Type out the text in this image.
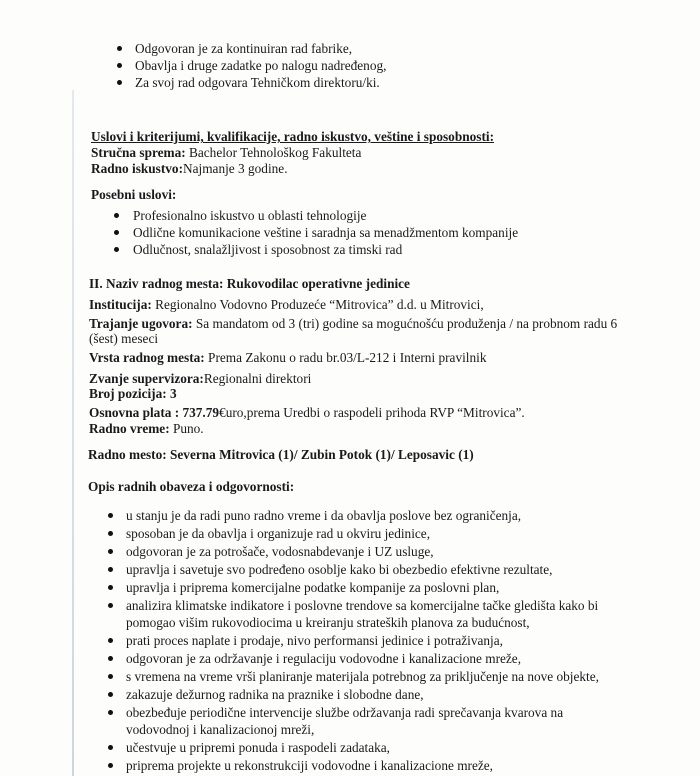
Odgovoran je za kontinuiran rad fabrike,
Obavlja i druge zadatke po nalogu nadređenog,
Za svoj rad odgovara Tehničkom direktoru/ki.
Uslovi i kriterijumi, kvalifikacije, radno iskustvo, veštine i sposobnosti:
Stručna sprema: Bachelor Tehnološkog Fakulteta
Radno iskustvo:Najmanje 3 godine.
Posebni uslovi:
Profesionalno iskustvo u oblasti tehnologije
Odlične komunikacione veštine i saradnja sa menadžmentom kompanije
Odlučnost, snalažljivost i sposobnost za timski rad
II. Naziv radnog mesta: Rukovodilac operativne jedinice
Institucija: Regionalno Vodovno Produzeće “Mitrovica” d.d. u Mitrovici,
Trajanje ugovora: Sa mandatom od 3 (tri) godine sa mogućnošću produženja / na probnom radu 6
(šest) meseci
Vrsta radnog mesta: Prema Zakonu o radu br.03/L-212 i Interni pravilnik
Zvanje supervizora:Regionalni direktori
Broj pozicija: 3
Osnovna plata : 737.79€uro,prema Uredbi o raspodeli prihoda RVP “Mitrovica”.
Radno vreme: Puno.
Radno mesto: Severna Mitrovica (1)/ Zubin Potok (1)/ Leposavic (1)
Opis radnih obaveza i odgovornosti:
u stanju je da radi puno radno vreme i da obavlja poslove bez ograničenja,
sposoban je da obavlja i organizuje rad u okviru jedinice,
odgovoran je za potrošače, vodosnabdevanje i UZ usluge,
upravlja i savetuje svo podređeno osoblje kako bi obezbedio efektivne rezultate,
upravlja i priprema komercijalne podatke kompanije za poslovni plan,
analizira klimatske indikatore i poslovne trendove sa komercijalne tačke gledišta kako bi
pomogao višim rukovodiocima u kreiranju strateških planova za budućnost,
prati proces naplate i prodaje, nivo performansi jedinice i potraživanja,
odgovoran je za održavanje i regulaciju vodovodne i kanalizacione mreže,
s vremena na vreme vrši planiranje materijala potrebnog za priključenje na nove objekte,
zakazuje dežurnog radnika na praznike i slobodne dane,
obezbeđuje periodične intervencije službe održavanja radi sprečavanja kvarova na
vodovodnoj i kanalizacionoj mreži,
učestvuje u pripremi ponuda i raspodeli zadataka,
priprema projekte u rekonstrukciji vodovodne i kanalizacione mreže,
